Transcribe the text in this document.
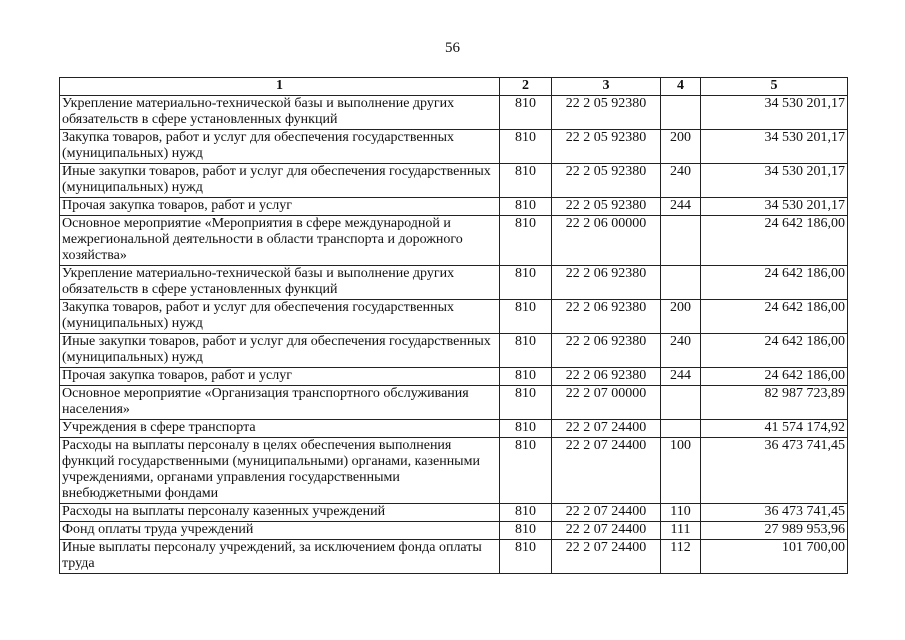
56
1	2	3	4	5
Укрепление материально-технической базы и выполнение других обязательств в сфере установленных функций	810	22 2 05 92380		34 530 201,17
Закупка товаров, работ и услуг для обеспечения государственных (муниципальных) нужд	810	22 2 05 92380	200	34 530 201,17
Иные закупки товаров, работ и услуг для обеспечения государственных (муниципальных) нужд	810	22 2 05 92380	240	34 530 201,17
Прочая закупка товаров, работ и услуг	810	22 2 05 92380	244	34 530 201,17
Основное мероприятие «Мероприятия в сфере международной и межрегиональной деятельности в области транспорта и дорожного хозяйства»	810	22 2 06 00000		24 642 186,00
Укрепление материально-технической базы и выполнение других обязательств в сфере установленных функций	810	22 2 06 92380		24 642 186,00
Закупка товаров, работ и услуг для обеспечения государственных (муниципальных) нужд	810	22 2 06 92380	200	24 642 186,00
Иные закупки товаров, работ и услуг для обеспечения государственных (муниципальных) нужд	810	22 2 06 92380	240	24 642 186,00
Прочая закупка товаров, работ и услуг	810	22 2 06 92380	244	24 642 186,00
Основное мероприятие «Организация транспортного обслуживания населения»	810	22 2 07 00000		82 987 723,89
Учреждения в сфере транспорта	810	22 2 07 24400		41 574 174,92
Расходы на выплаты персоналу в целях обеспечения выполнения функций государственными (муниципальными) органами, казенными учреждениями, органами управления государственными внебюджетными фондами	810	22 2 07 24400	100	36 473 741,45
Расходы на выплаты персоналу казенных учреждений	810	22 2 07 24400	110	36 473 741,45
Фонд оплаты труда учреждений	810	22 2 07 24400	111	27 989 953,96
Иные выплаты персоналу учреждений, за исключением фонда оплаты труда	810	22 2 07 24400	112	101 700,00
